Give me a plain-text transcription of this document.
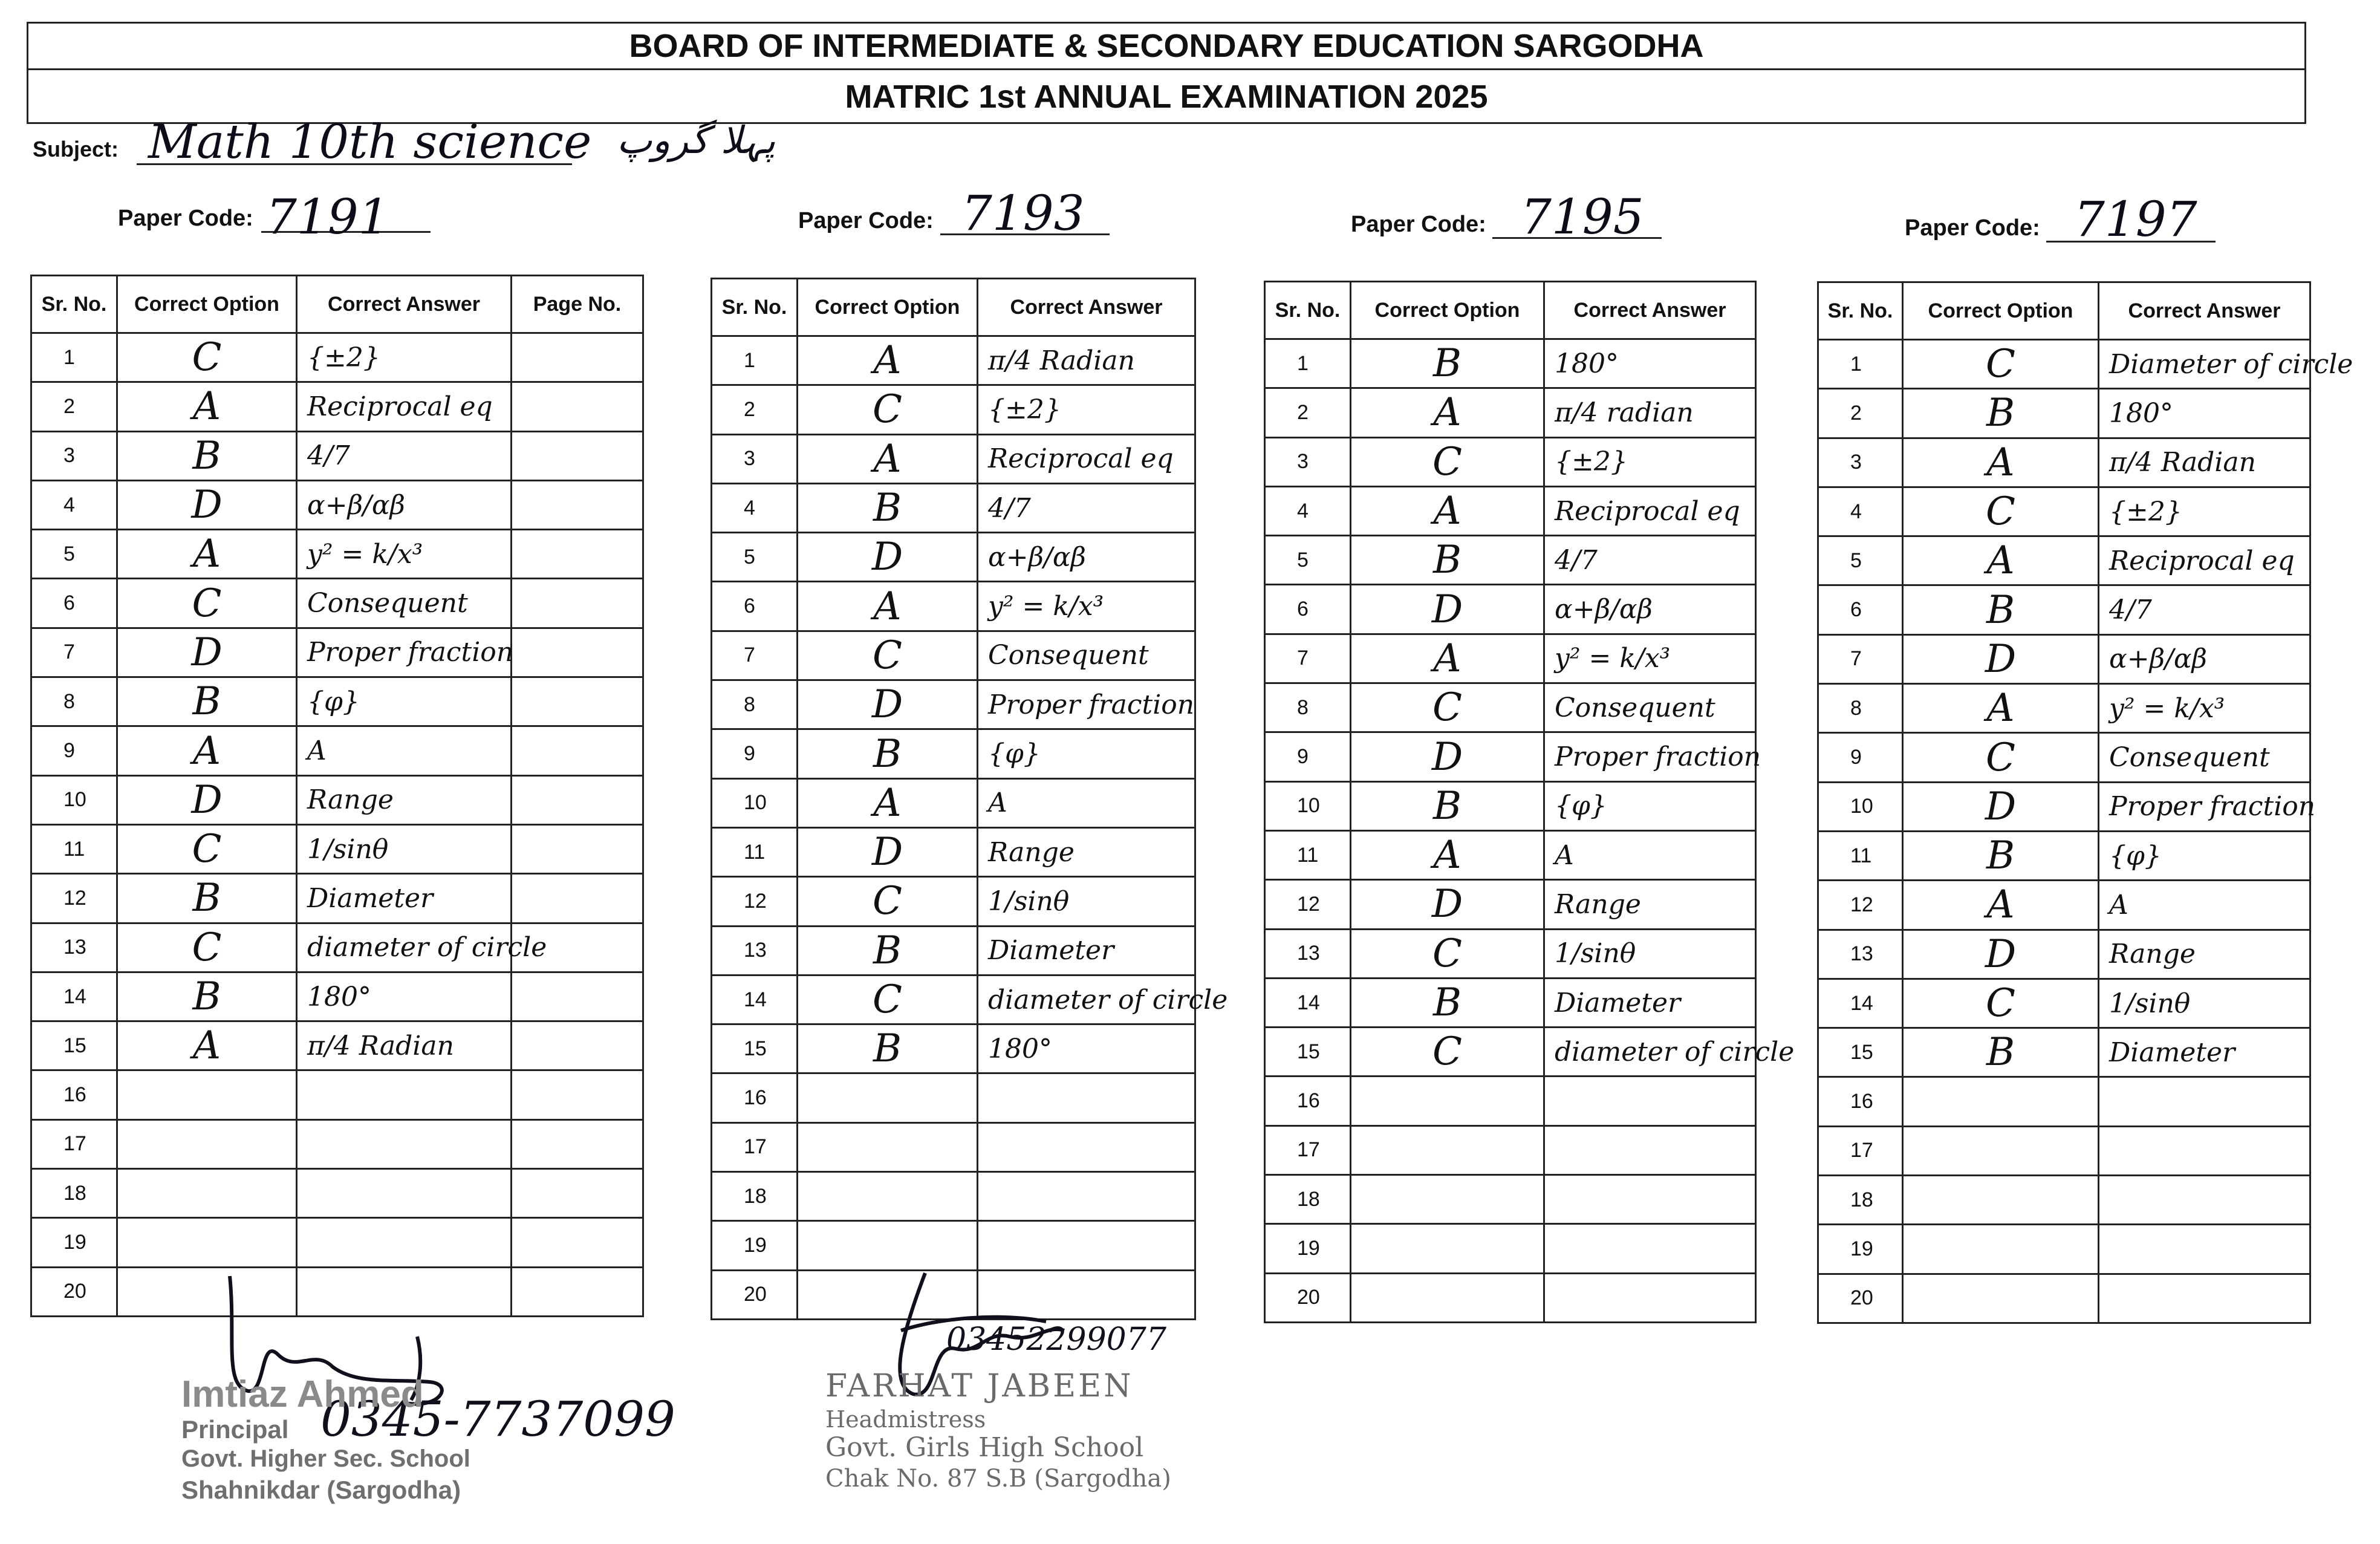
BOARD OF INTERMEDIATE & SECONDARY EDUCATION SARGODHA
MATRIC 1st ANNUAL EXAMINATION 2025
Subject: Math 10th science پہلا گروپ
Paper Code: 7191	Paper Code: 7193	Paper Code: 7195	Paper Code: 7197
Sr. No.	Correct Option	Correct Answer	Page No.
1	C	{±2}	
2	A	Reciprocal eq	
3	B	4/7	
4	D	α+β/αβ	
5	A	y² = k/x³	
6	C	Consequent	
7	D	Proper fraction	
8	B	{φ}	
9	A	A	
10	D	Range	
11	C	1/sinθ	
12	B	Diameter	
13	C	diameter of circle	
14	B	180°	
15	A	π/4 Radian	
16			
17			
18			
19			
20			
Sr. No.	Correct Option	Correct Answer
1	A	π/4 Radian
2	C	{±2}
3	A	Reciprocal eq
4	B	4/7
5	D	α+β/αβ
6	A	y² = k/x³
7	C	Consequent
8	D	Proper fraction
9	B	{φ}
10	A	A
11	D	Range
12	C	1/sinθ
13	B	Diameter
14	C	diameter of circle
15	B	180°
16		
17		
18		
19		
20		
Sr. No.	Correct Option	Correct Answer
1	B	180°
2	A	π/4 radian
3	C	{±2}
4	A	Reciprocal eq
5	B	4/7
6	D	α+β/αβ
7	A	y² = k/x³
8	C	Consequent
9	D	Proper fraction
10	B	{φ}
11	A	A
12	D	Range
13	C	1/sinθ
14	B	Diameter
15	C	diameter of circle
16		
17		
18		
19		
20		
Sr. No.	Correct Option	Correct Answer
1	C	Diameter of circle
2	B	180°
3	A	π/4 Radian
4	C	{±2}
5	A	Reciprocal eq
6	B	4/7
7	D	α+β/αβ
8	A	y² = k/x³
9	C	Consequent
10	D	Proper fraction
11	B	{φ}
12	A	A
13	D	Range
14	C	1/sinθ
15	B	Diameter
16		
17		
18		
19		
20		
0345-7737099
Imtiaz Ahmed
Principal
Govt. Higher Sec. School
Shahnikdar (Sargodha)
03452299077
FARHAT JABEEN
Headmistress
Govt. Girls High School
Chak No. 87 S.B (Sargodha)
